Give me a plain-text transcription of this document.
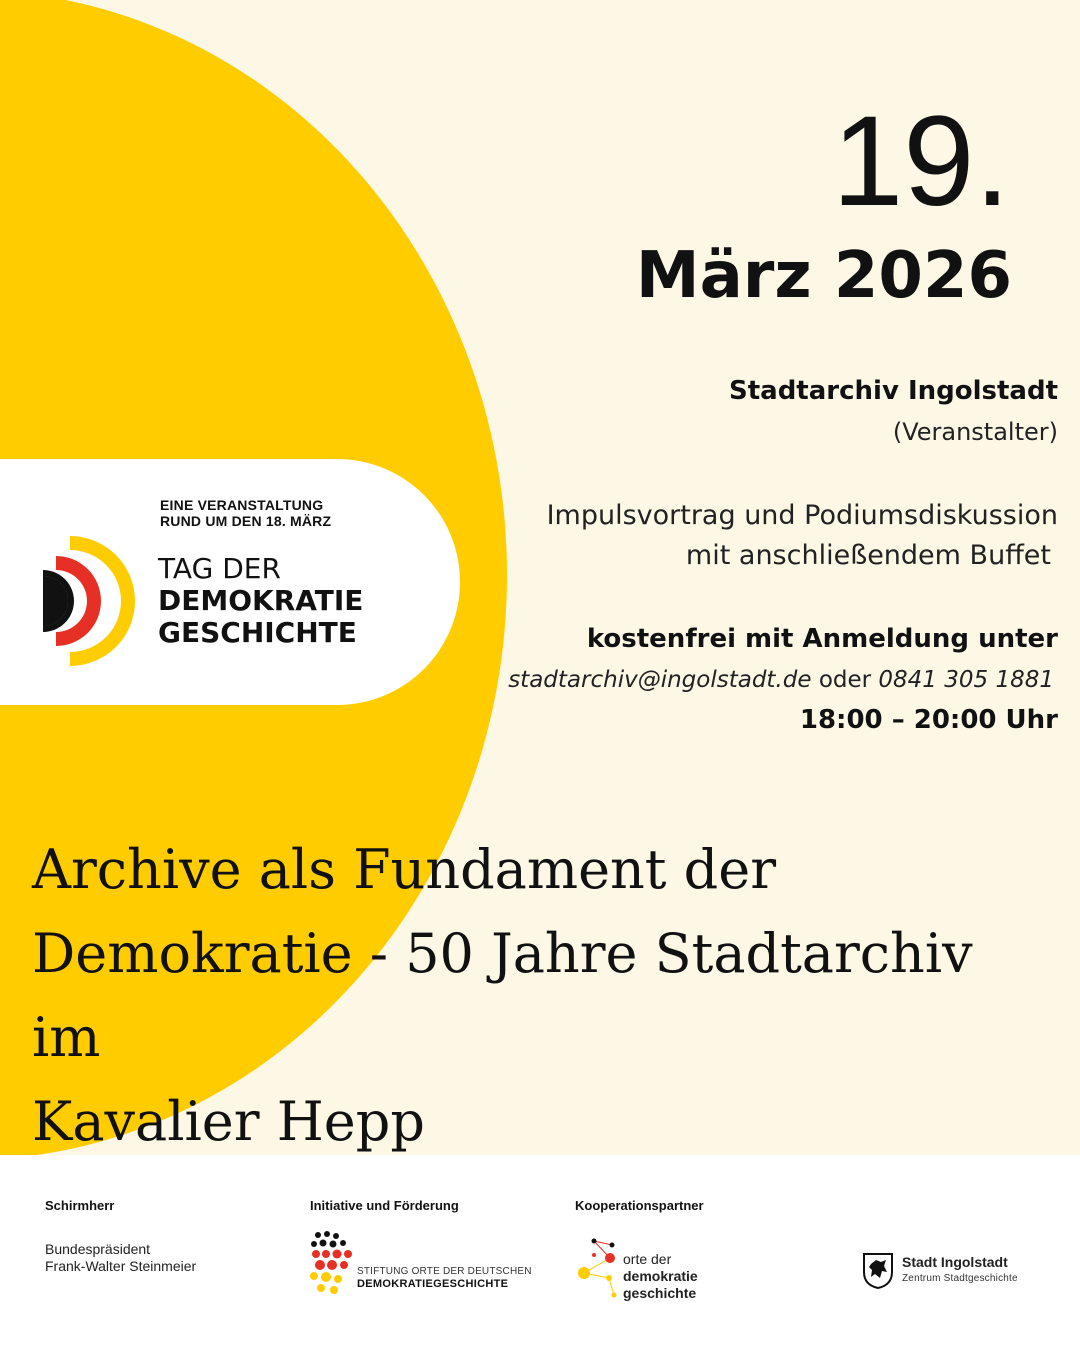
EINE VERANSTALTUNG
RUND UM DEN 18. MÄRZ
TAG DER
DEMOKRATIE
GESCHICHTE
19.
März 2026
Stadtarchiv Ingolstadt
(Veranstalter)
Impulsvortrag und Podiumsdiskussion
mit anschließendem Buffet
kostenfrei mit Anmeldung unter
stadtarchiv@ingolstadt.de oder 0841 305 1881
18:00 – 20:00 Uhr
Archive als Fundament der
Demokratie - 50 Jahre Stadtarchiv im
Kavalier Hepp
Schirmherr
Bundespräsident
Frank-Walter Steinmeier
Initiative und Förderung
STIFTUNG ORTE DER DEUTSCHEN
DEMOKRATIEGESCHICHTE
Kooperationspartner
orte der
demokratie
geschichte
Stadt Ingolstadt
Zentrum Stadtgeschichte
